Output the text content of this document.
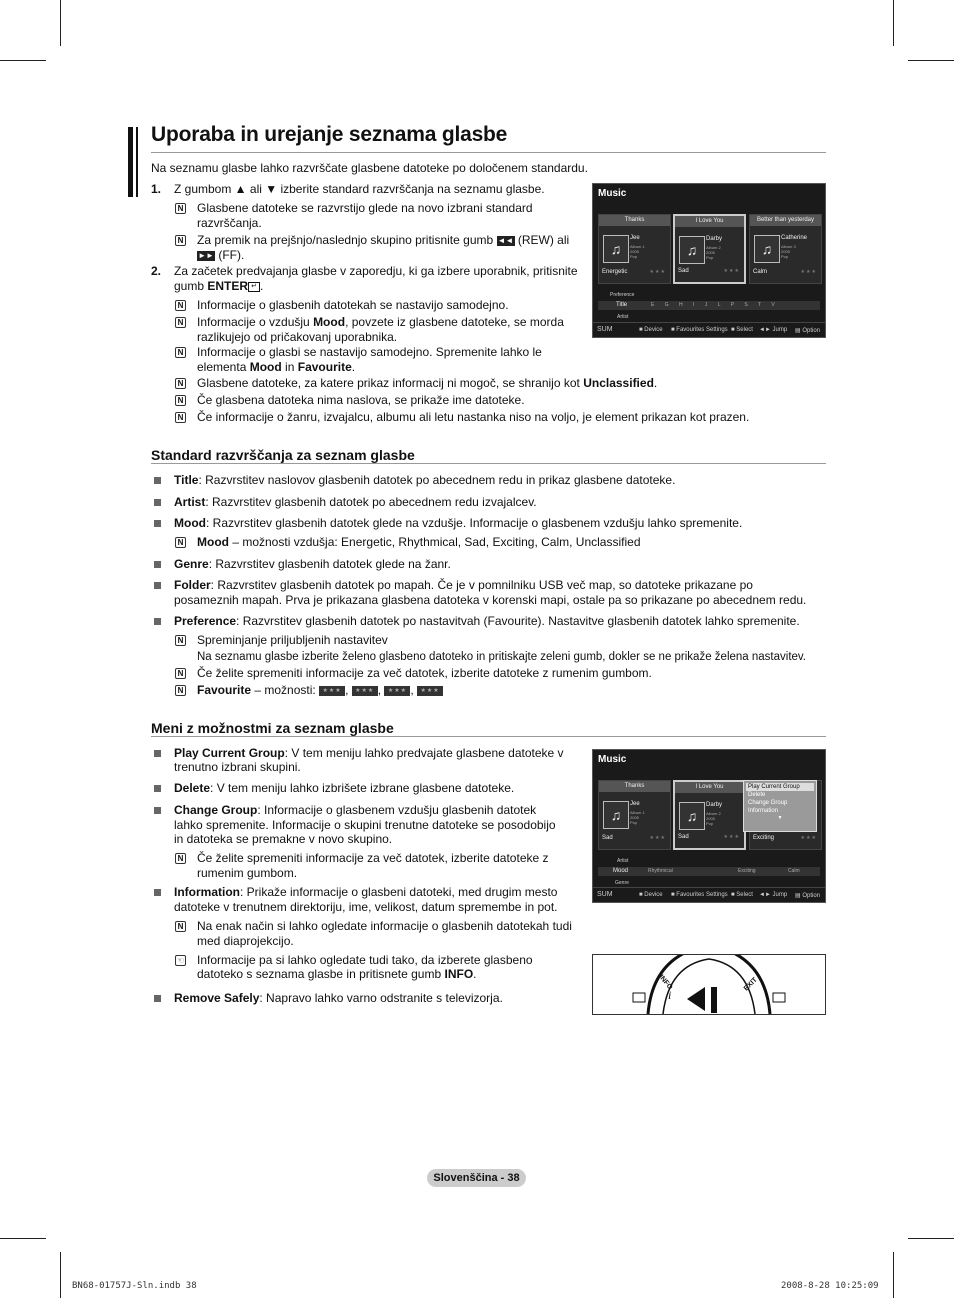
Uporaba in urejanje seznama glasbe
Na seznamu glasbe lahko razvrščate glasbene datoteke po določenem standardu.
1. Z gumbom ▲ ali ▼ izberite standard razvrščanja na seznamu glasbe.
N Glasbene datoteke se razvrstijo glede na novo izbrani standard
razvrščanja.
N Za premik na prejšnjo/naslednjo skupino pritisnite gumb ◄◄ (REW) ali
►► (FF).
2. Za začetek predvajanja glasbe v zaporedju, ki ga izbere uporabnik, pritisnite
gumb ENTER ↵ .
N Informacije o glasbenih datotekah se nastavijo samodejno.
N Informacije o vzdušju Mood, povzete iz glasbene datoteke, se morda
razlikujejo od pričakovanj uporabnika.
N Informacije o glasbi se nastavijo samodejno. Spremenite lahko le
elementa Mood in Favourite.
N Glasbene datoteke, za katere prikaz informacij ni mogoč, se shranijo kot Unclassified.
N Če glasbena datoteka nima naslova, se prikaže ime datoteke.
N Če informacije o žanru, izvajalcu, albumu ali letu nastanka niso na voljo, je element prikazan kot prazen.
Music
Thanks
♫
Jee
Album 1
2005
Pop
Energetic	★★★
I Love You
♫
Darby
Album 2
2005
Pop
Sad	★★★
Better than yesterday
♫
Catherine
Album 3
2005
Pop
Calm	★★★
Preference
Title	E G H I J L P S T V
Artist
SUM	■ Device ■ Favourites Settings ■ Select ◄► Jump ▤ Option
Standard razvrščanja za seznam glasbe
Title: Razvrstitev naslovov glasbenih datotek po abecednem redu in prikaz glasbene datoteke.
Artist: Razvrstitev glasbenih datotek po abecednem redu izvajalcev.
Mood: Razvrstitev glasbenih datotek glede na vzdušje. Informacije o glasbenem vzdušju lahko spremenite.
N Mood – možnosti vzdušja: Energetic, Rhythmical, Sad, Exciting, Calm, Unclassified
Genre: Razvrstitev glasbenih datotek glede na žanr.
Folder: Razvrstitev glasbenih datotek po mapah. Če je v pomnilniku USB več map, so datoteke prikazane po
posameznih mapah. Prva je prikazana glasbena datoteka v korenski mapi, ostale pa so prikazane po abecednem redu.
Preference: Razvrstitev glasbenih datotek po nastavitvah (Favourite). Nastavitve glasbenih datotek lahko spremenite.
N Spreminjanje priljubljenih nastavitev
Na seznamu glasbe izberite želeno glasbeno datoteko in pritiskajte zeleni gumb, dokler se ne prikaže želena nastavitev.
N Če želite spremeniti informacije za več datotek, izberite datoteke z rumenim gumbom.
N Favourite – možnosti: ★★★ , ★★★ , ★★★ , ★★★
Meni z možnostmi za seznam glasbe
Play Current Group: V tem meniju lahko predvajate glasbene datoteke v
trenutno izbrani skupini.
Delete: V tem meniju lahko izbrišete izbrane glasbene datoteke.
Change Group: Informacije o glasbenem vzdušju glasbenih datotek
lahko spremenite. Informacije o skupini trenutne datoteke se posodobijo
in datoteka se premakne v novo skupino.
N Če želite spremeniti informacije za več datotek, izberite datoteke z
rumenim gumbom.
Information: Prikaže informacije o glasbeni datoteki, med drugim mesto
datoteke v trenutnem direktoriju, ime, velikost, datum spremembe in pot.
N Na enak način si lahko ogledate informacije o glasbenih datotekah tudi
med diaprojekcijo.
☜ Informacije pa si lahko ogledate tudi tako, da izberete glasbeno
datoteko s seznama glasbe in pritisnete gumb INFO.
Remove Safely: Napravo lahko varno odstranite s televizorja.
Music
Thanks
♫
Jee
Album 1
2005
Pop
Sad	★★★
I Love You
♫
Darby
Album 2
2005
Pop
Sad	★★★ Exciting	★★★
Play Current Group
Delete
Change Group
Information
▼
Artist
Mood	Rhythmical	Exciting	Calm
Genre
SUM	■ Device ■ Favourites Settings ■ Select ◄► Jump ▤ Option
i
INFO	EXIT
Slovenščina - 38
BN68-01757J-Sln.indb 38	2008-8-28 10:25:09
